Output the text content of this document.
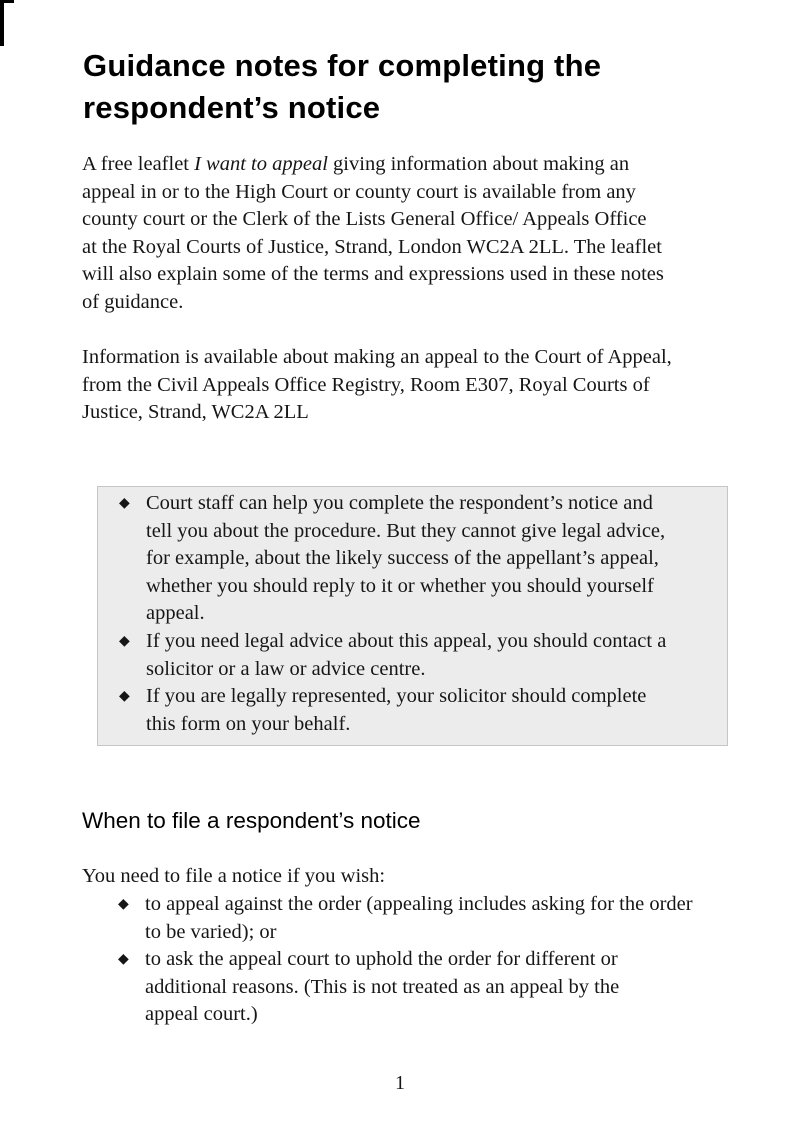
Guidance notes for completing the
respondent’s notice
A free leaflet I want to appeal giving information about making an
appeal in or to the High Court or county court is available from any
county court or the Clerk of the Lists General Office/ Appeals Office
at the Royal Courts of Justice, Strand, London WC2A 2LL. The leaflet
will also explain some of the terms and expressions used in these notes
of guidance.
Information is available about making an appeal to the Court of Appeal,
from the Civil Appeals Office Registry, Room E307, Royal Courts of
Justice, Strand, WC2A 2LL
◆ Court staff can help you complete the respondent’s notice and
tell you about the procedure. But they cannot give legal advice,
for example, about the likely success of the appellant’s appeal,
whether you should reply to it or whether you should yourself
appeal.
◆ If you need legal advice about this appeal, you should contact a
solicitor or a law or advice centre.
◆ If you are legally represented, your solicitor should complete
this form on your behalf.
When to file a respondent’s notice
You need to file a notice if you wish:
◆ to appeal against the order (appealing includes asking for the order
to be varied); or
◆ to ask the appeal court to uphold the order for different or
additional reasons. (This is not treated as an appeal by the
appeal court.)
1
